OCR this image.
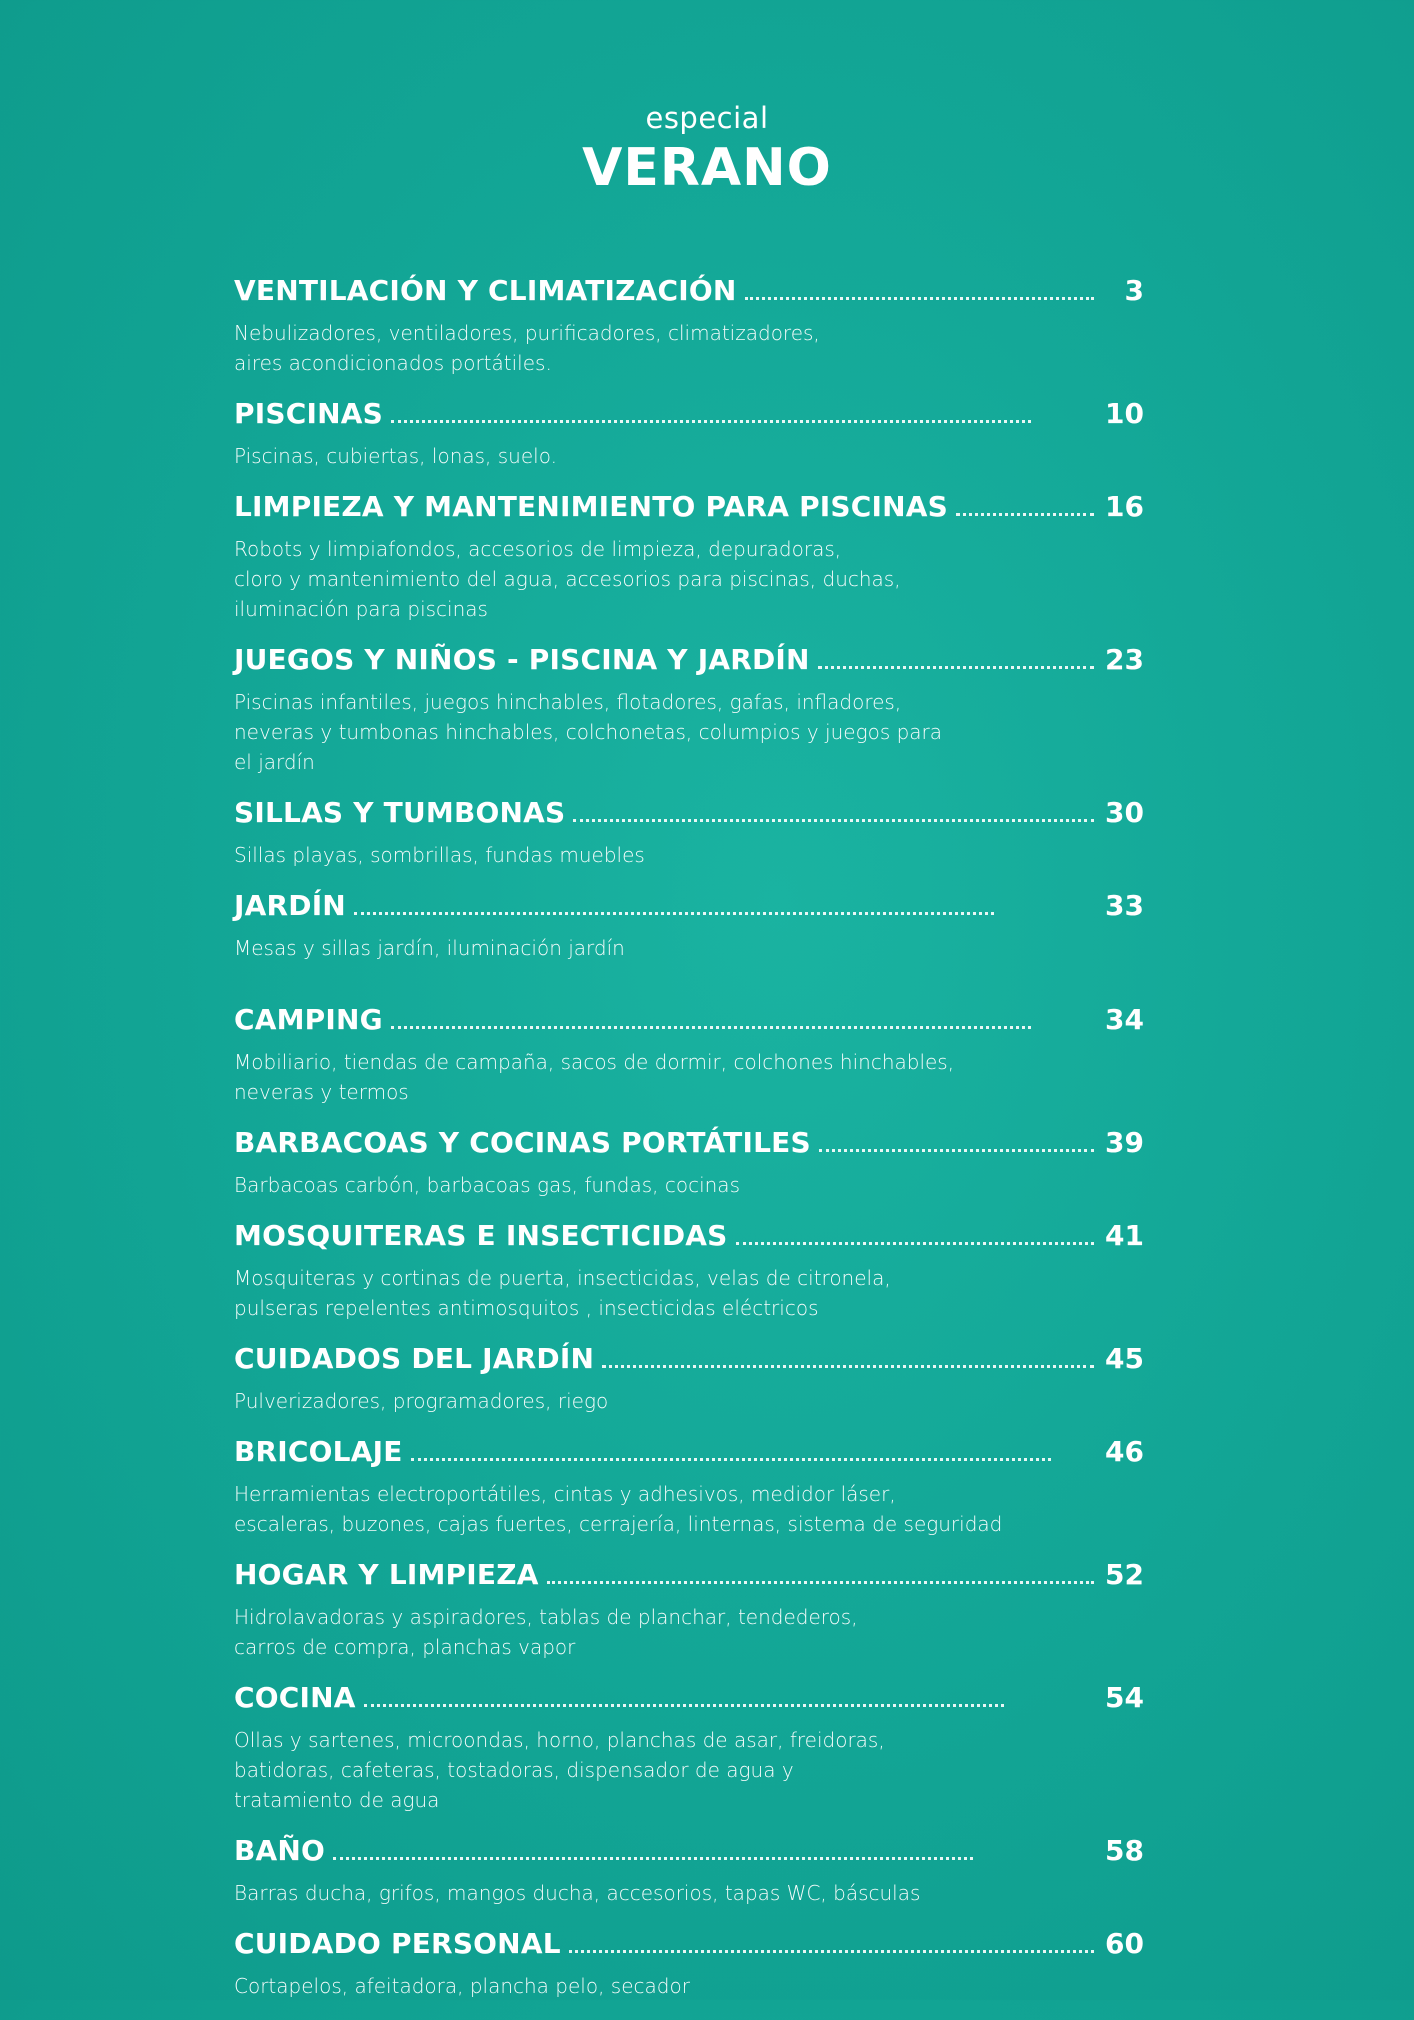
especial
VERANO
VENTILACIÓN Y CLIMATIZACIÓN	3
Nebulizadores, ventiladores, purificadores, climatizadores,
aires acondicionados portátiles.
PISCINAS	10
Piscinas, cubiertas, lonas, suelo.
LIMPIEZA Y MANTENIMIENTO PARA PISCINAS	16
Robots y limpiafondos, accesorios de limpieza, depuradoras,
cloro y mantenimiento del agua, accesorios para piscinas, duchas,
iluminación para piscinas
JUEGOS Y NIÑOS - PISCINA Y JARDÍN	23
Piscinas infantiles, juegos hinchables, flotadores, gafas, infladores,
neveras y tumbonas hinchables, colchonetas, columpios y juegos para
el jardín
SILLAS Y TUMBONAS	30
Sillas playas, sombrillas, fundas muebles
JARDÍN	33
Mesas y sillas jardín, iluminación jardín
CAMPING	34
Mobiliario, tiendas de campaña, sacos de dormir, colchones hinchables,
neveras y termos
BARBACOAS Y COCINAS PORTÁTILES	39
Barbacoas carbón, barbacoas gas, fundas, cocinas
MOSQUITERAS E INSECTICIDAS	41
Mosquiteras y cortinas de puerta, insecticidas, velas de citronela,
pulseras repelentes antimosquitos , insecticidas eléctricos
CUIDADOS DEL JARDÍN	45
Pulverizadores, programadores, riego
BRICOLAJE	46
Herramientas electroportátiles, cintas y adhesivos, medidor láser,
escaleras, buzones, cajas fuertes, cerrajería, linternas, sistema de seguridad
HOGAR Y LIMPIEZA	52
Hidrolavadoras y aspiradores, tablas de planchar, tendederos,
carros de compra, planchas vapor
COCINA	54
Ollas y sartenes, microondas, horno, planchas de asar, freidoras,
batidoras, cafeteras, tostadoras, dispensador de agua y
tratamiento de agua
BAÑO	58
Barras ducha, grifos, mangos ducha, accesorios, tapas WC, básculas
CUIDADO PERSONAL	60
Cortapelos, afeitadora, plancha pelo, secador
